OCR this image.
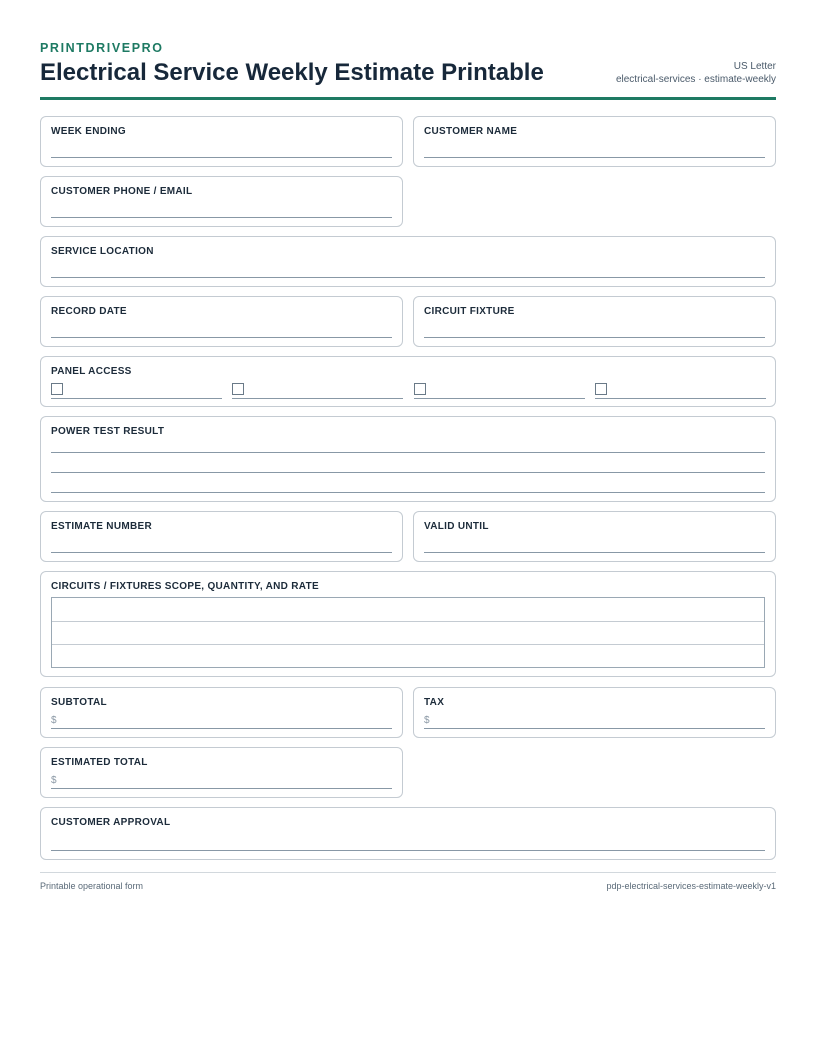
PRINTDRIVEPRO
Electrical Service Weekly Estimate Printable	US Letter
electrical-services · estimate-weekly
WEEK ENDING	CUSTOMER NAME
CUSTOMER PHONE / EMAIL
SERVICE LOCATION
RECORD DATE	CIRCUIT FIXTURE
PANEL ACCESS
POWER TEST RESULT
ESTIMATE NUMBER	VALID UNTIL
CIRCUITS / FIXTURES SCOPE, QUANTITY, AND RATE
SUBTOTAL
$
TAX
$
ESTIMATED TOTAL
$
CUSTOMER APPROVAL
Printable operational form	pdp-electrical-services-estimate-weekly-v1
